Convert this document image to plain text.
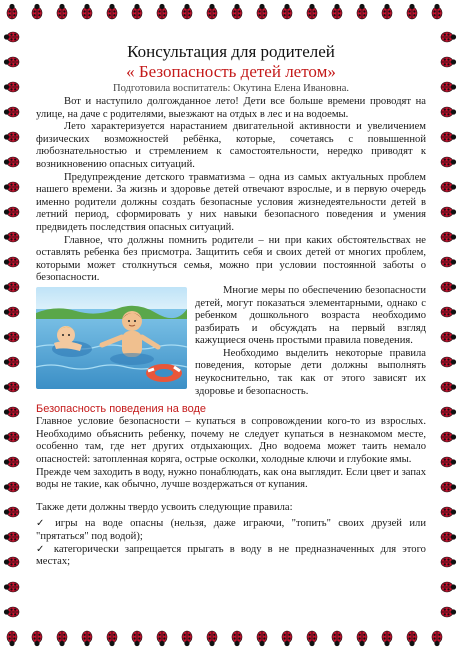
Консультация для родителей
« Безопасность детей летом»
Подготовила воспитатель: Окутина Елена Ивановна.

Вот и наступило долгожданное лето! Дети все больше времени проводят на улице, на даче с родителями, выезжают на отдых в лес и на водоемы.

Лето характеризуется нарастанием двигательной активности и увеличением физических возможностей ребёнка, которые, сочетаясь с повышенной любознательностью и стремлением к самостоятельности, нередко приводят к возникновению опасных ситуаций.

Предупреждение детского травматизма – одна из самых актуальных проблем нашего времени. За жизнь и здоровье детей отвечают взрослые, и в первую очередь именно родители должны создать безопасные условия жизнедеятельности детей в летний период, сформировать у них навыки безопасного поведения и умения предвидеть последствия опасных ситуаций.

Главное, что должны помнить родители – ни при каких обстоятельствах не оставлять ребенка без присмотра. Защитить себя и своих детей от многих проблем, которыми может столкнуться семья, можно при условии постоянной заботы о безопасности.

Многие меры по обеспечению безопасности детей, могут показаться элементарными, однако с ребенком дошкольного возраста необходимо разбирать и обсуждать на первый взгляд кажущиеся очень простыми правила поведения.

Необходимо выделить некоторые правила поведения, которые дети должны выполнять неукоснительно, так как от этого зависят их здоровье и безопасность.

Безопасность поведения на воде

Главное условие безопасности – купаться в сопровождении кого-то из взрослых. Необходимо объяснить ребенку, почему не следует купаться в незнакомом месте, особенно там, где нет других отдыхающих. Дно водоема может таить немало опасностей: затопленная коряга, острые осколки, холодные ключи и глубокие ямы.

Прежде чем заходить в воду, нужно понаблюдать, как она выглядит. Если цвет и запах воды не такие, как обычно, лучше воздержаться от купания.

Также дети должны твердо усвоить следующие правила:

✓ игры на воде опасны (нельзя, даже играючи, "топить" своих друзей или "прятаться" под водой);

✓ категорически запрещается прыгать в воду в не предназначенных для этого местах;
